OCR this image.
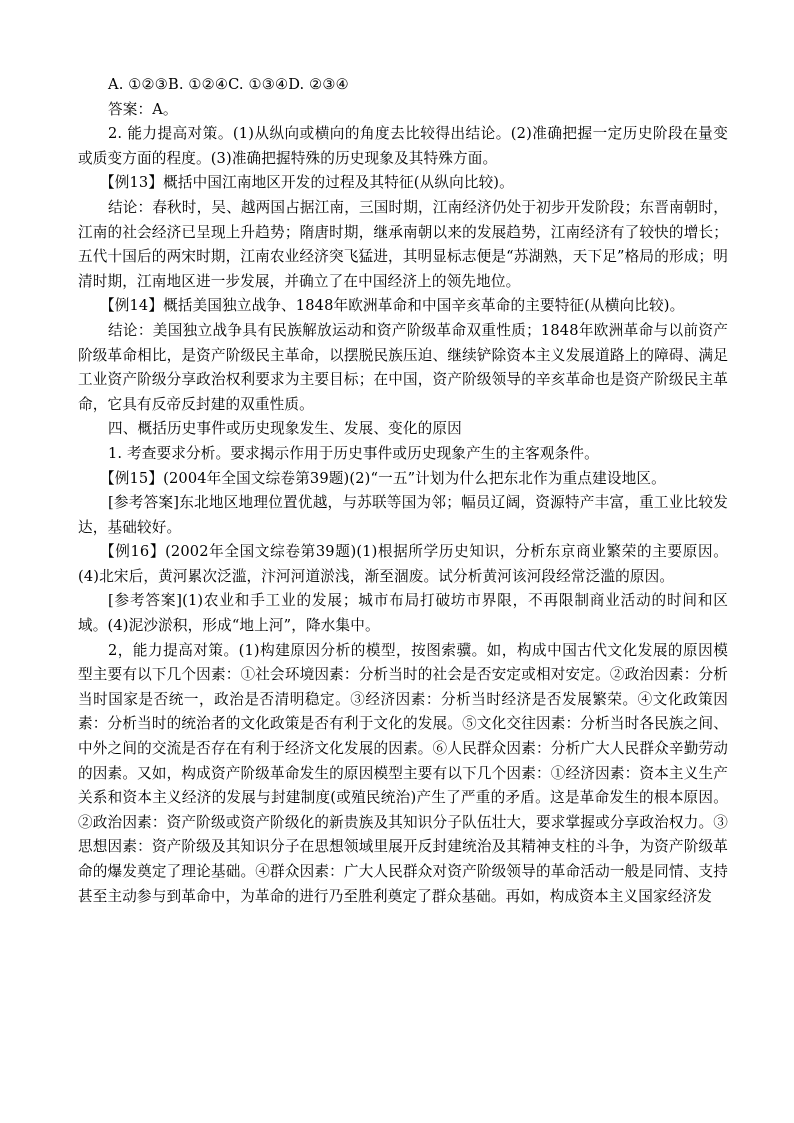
A. ①②③B. ①②④C. ①③④D. ②③④

答案：A。

2. 能力提高对策。(1)从纵向或横向的角度去比较得出结论。(2)准确把握一定历史阶段在量变或质变方面的程度。(3)准确把握特殊的历史现象及其特殊方面。

【例13】概括中国江南地区开发的过程及其特征(从纵向比较)。

结论：春秋时，吴、越两国占据江南，三国时期，江南经济仍处于初步开发阶段；东晋南朝时，江南的社会经济已呈现上升趋势；隋唐时期，继承南朝以来的发展趋势，江南经济有了较快的增长；五代十国后的两宋时期，江南农业经济突飞猛进，其明显标志便是“苏湖熟，天下足”格局的形成；明清时期，江南地区进一步发展，并确立了在中国经济上的领先地位。

【例14】概括美国独立战争、1848年欧洲革命和中国辛亥革命的主要特征(从横向比较)。

结论：美国独立战争具有民族解放运动和资产阶级革命双重性质；1848年欧洲革命与以前资产阶级革命相比，是资产阶级民主革命，以摆脱民族压迫、继续铲除资本主义发展道路上的障碍、满足工业资产阶级分享政治权利要求为主要目标；在中国，资产阶级领导的辛亥革命也是资产阶级民主革命，它具有反帝反封建的双重性质。

四、概括历史事件或历史现象发生、发展、变化的原因

1. 考查要求分析。要求揭示作用于历史事件或历史现象产生的主客观条件。

【例15】(2004年全国文综卷第39题)(2)“一五”计划为什么把东北作为重点建设地区。

[参考答案]东北地区地理位置优越，与苏联等国为邻；幅员辽阔，资源特产丰富，重工业比较发达，基础较好。

【例16】(2002年全国文综卷第39题)(1)根据所学历史知识，分析东京商业繁荣的主要原因。(4)北宋后，黄河累次泛滥，汴河河道淤浅，渐至涸废。试分析黄河该河段经常泛滥的原因。

[参考答案](1)农业和手工业的发展；城市布局打破坊市界限，不再限制商业活动的时间和区域。(4)泥沙淤积，形成“地上河”，降水集中。

2，能力提高对策。(1)构建原因分析的模型，按图索骥。如，构成中国古代文化发展的原因模型主要有以下几个因素：①社会环境因素：分析当时的社会是否安定或相对安定。②政治因素：分析当时国家是否统一，政治是否清明稳定。③经济因素：分析当时经济是否发展繁荣。④文化政策因素：分析当时的统治者的文化政策是否有利于文化的发展。⑤文化交往因素：分析当时各民族之间、中外之间的交流是否存在有利于经济文化发展的因素。⑥人民群众因素：分析广大人民群众辛勤劳动的因素。又如，构成资产阶级革命发生的原因模型主要有以下几个因素：①经济因素：资本主义生产关系和资本主义经济的发展与封建制度(或殖民统治)产生了严重的矛盾。这是革命发生的根本原因。②政治因素：资产阶级或资产阶级化的新贵族及其知识分子队伍壮大，要求掌握或分享政治权力。③思想因素：资产阶级及其知识分子在思想领域里展开反封建统治及其精神支柱的斗争，为资产阶级革命的爆发奠定了理论基础。④群众因素：广大人民群众对资产阶级领导的革命活动一般是同情、支持甚至主动参与到革命中，为革命的进行乃至胜利奠定了群众基础。再如，构成资本主义国家经济发
